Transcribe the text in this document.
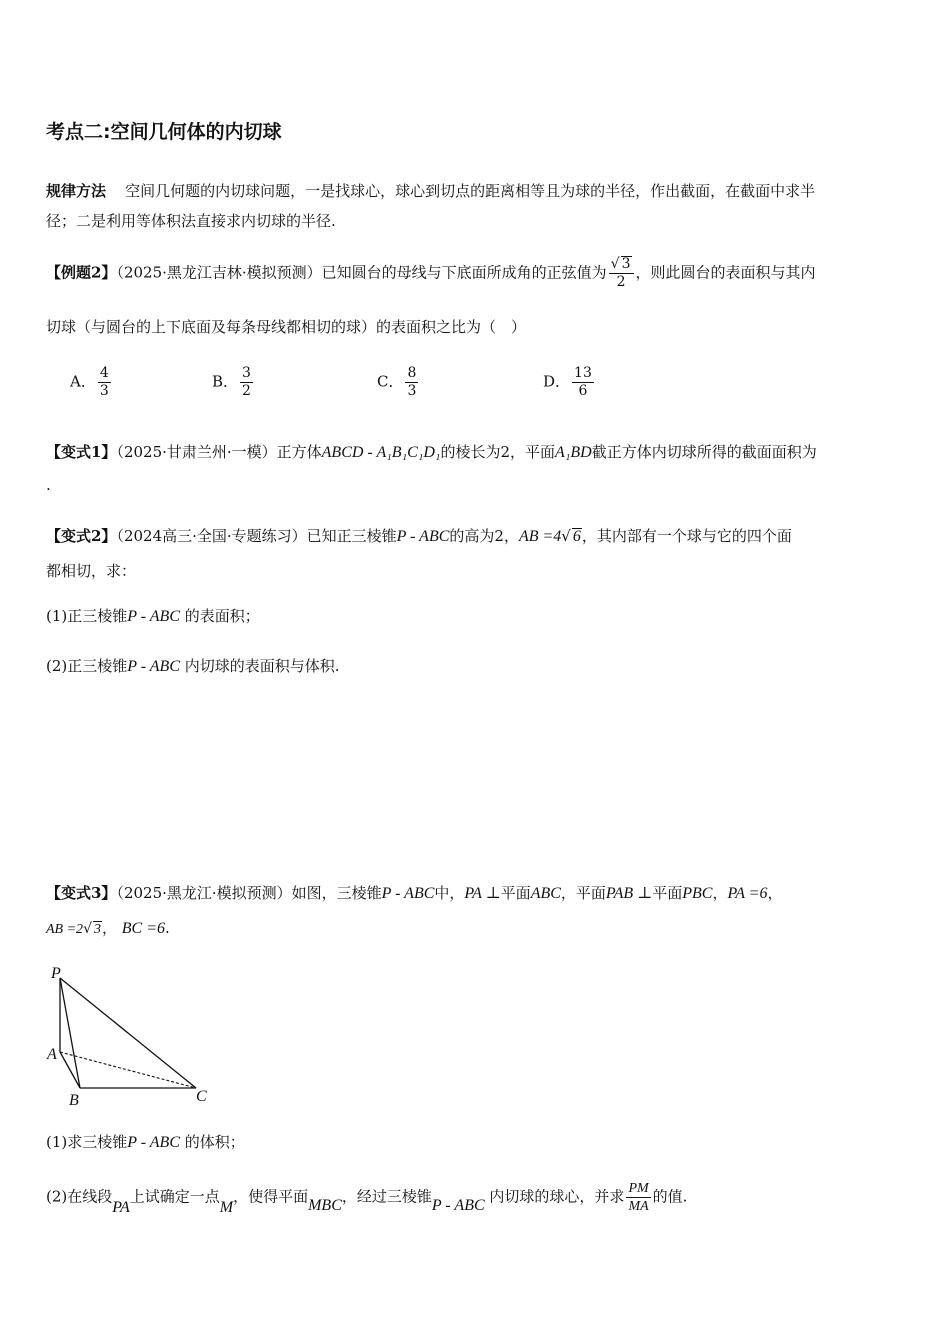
考点二:空间几何体的内切球
规律方法 空间几何题的内切球问题，一是找球心，球心到切点的距离相等且为球的半径，作出截面，在截面中求半
径；二是利用等体积法直接求内切球的半径.
【例题2】（2025·黑龙江吉林·模拟预测）已知圆台的母线与下底面所成角的正弦值为 $\frac{√ 3}{2}$ ，则此圆台的表面积与其内
切球（与圆台的上下底面及每条母线都相切的球）的表面积之比为（　）
A． $\frac{4}{3}$	B． $\frac{3}{2}$	C． $\frac{8}{3}$	D． $\frac{13}{6}$
【变式1】（2025·甘肃兰州·一模）正方体ABCD - A₁B₁C₁D₁的棱长为2，平面A₁BD截正方体内切球所得的截面面积为
.
【变式2】（2024高三·全国·专题练习）已知正三棱锥P - ABC的高为2，AB =4√ 6，其内部有一个球与它的四个面
都相切，求：
(1)正三棱锥P - ABC 的表面积；
(2)正三棱锥P - ABC 内切球的表面积与体积.
【变式3】（2025·黑龙江·模拟预测）如图，三棱锥P - ABC中，PA ⊥平面ABC，平面PAB ⊥平面PBC，PA =6，
AB =2√ 3， BC =6.
P
A
B	C
(1)求三棱锥P - ABC 的体积；
(2)在线段PA上试确定一点M，使得平面MBC，经过三棱锥P - ABC 内切球的球心，并求 $\frac{PM}{MA}$ 的值.
